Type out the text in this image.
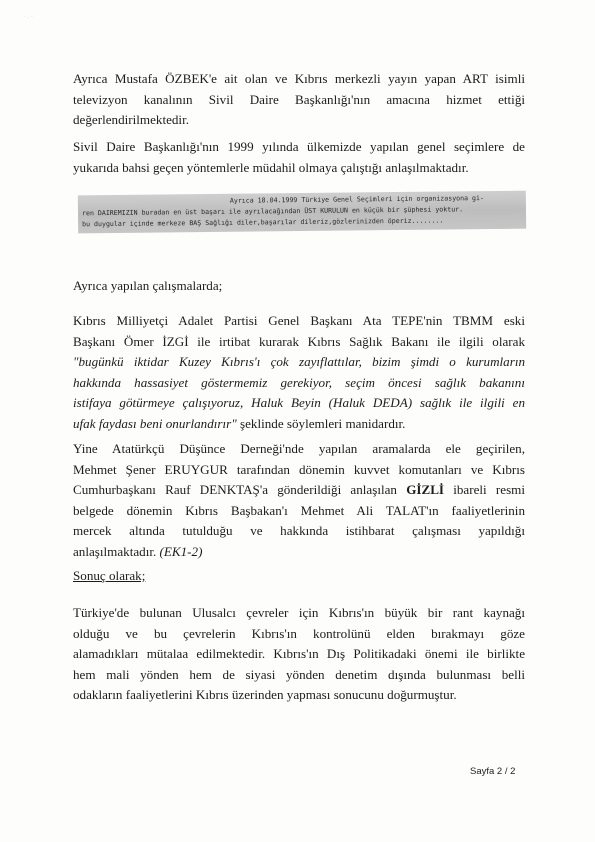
· . ·
Ayrıca Mustafa ÖZBEK'e ait olan ve Kıbrıs merkezli yayın yapan ART isimli
televizyon kanalının Sivil Daire Başkanlığı'nın amacına hizmet ettiği
değerlendirilmektedir.
Sivil Daire Başkanlığı'nın 1999 yılında ülkemizde yapılan genel seçimlere de
yukarıda bahsi geçen yöntemlerle müdahil olmaya çalıştığı anlaşılmaktadır.
Ayrıca 18.04.1999 Türkiye Genel Seçimleri için organizasyona gi-
ren DAIREMIZIN buradan en üst başarı ile ayrılacağından ÜST KURULUN en küçük bir şüphesi yoktur.
bu duygular içinde merkeze BAŞ Sağlığı diler,başarılar dileriz,gözlerinizden öperiz........
Ayrıca yapılan çalışmalarda;
Kıbrıs Milliyetçi Adalet Partisi Genel Başkanı Ata TEPE'nin TBMM eski
Başkanı Ömer İZGİ ile irtibat kurarak Kıbrıs Sağlık Bakanı ile ilgili olarak
"bugünkü iktidar Kuzey Kıbrıs'ı çok zayıflattılar, bizim şimdi o kurumların
hakkında hassasiyet göstermemiz gerekiyor, seçim öncesi sağlık bakanını
istifaya götürmeye çalışıyoruz, Haluk Beyin (Haluk DEDA) sağlık ile ilgili en
ufak faydası beni onurlandırır" şeklinde söylemleri manidardır.
Yine Atatürkçü Düşünce Derneği'nde yapılan aramalarda ele geçirilen,
Mehmet Şener ERUYGUR tarafından dönemin kuvvet komutanları ve Kıbrıs
Cumhurbaşkanı Rauf DENKTAŞ'a gönderildiği anlaşılan GİZLİ ibareli resmi
belgede dönemin Kıbrıs Başbakan'ı Mehmet Ali TALAT'ın faaliyetlerinin
mercek altında tutulduğu ve hakkında istihbarat çalışması yapıldığı
anlaşılmaktadır. (EK1-2)
Sonuç olarak;
Türkiye'de bulunan Ulusalcı çevreler için Kıbrıs'ın büyük bir rant kaynağı
olduğu ve bu çevrelerin Kıbrıs'ın kontrolünü elden bırakmayı göze
alamadıkları mütalaa edilmektedir. Kıbrıs'ın Dış Politikadaki önemi ile birlikte
hem mali yönden hem de siyasi yönden denetim dışında bulunması belli
odakların faaliyetlerini Kıbrıs üzerinden yapması sonucunu doğurmuştur.
Sayfa 2 / 2
